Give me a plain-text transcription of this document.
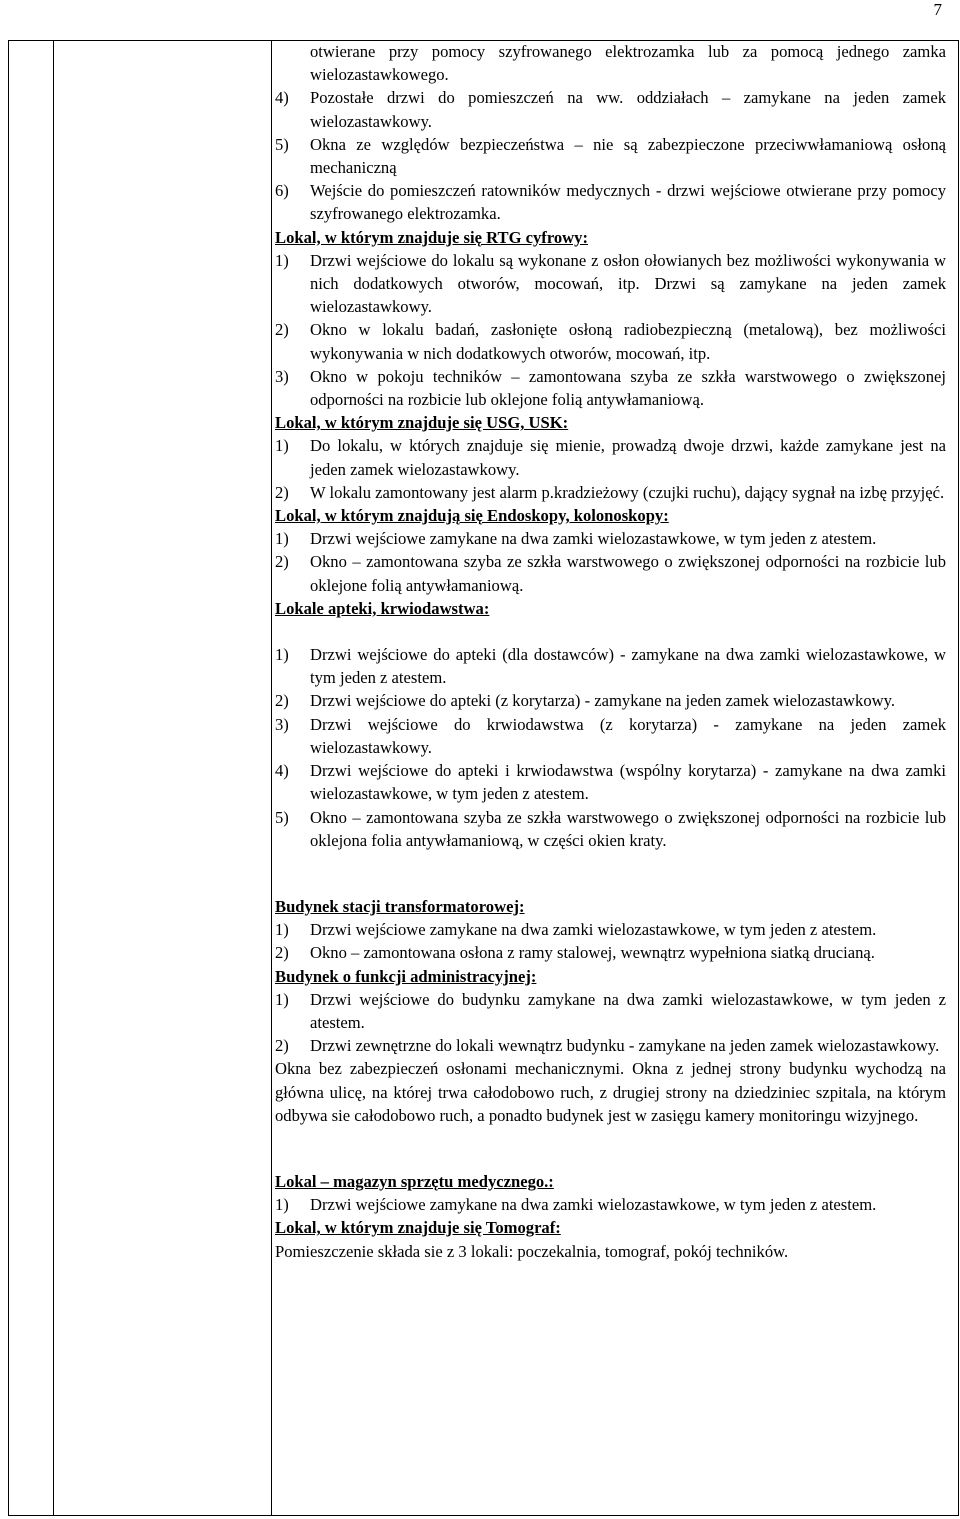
7

otwierane przy pomocy szyfrowanego elektrozamka lub za pomocą jednego zamka wielozastawkowego.

4)	Pozostałe drzwi do pomieszczeń na ww. oddziałach – zamykane na jeden zamek wielozastawkowy.
5)	Okna ze względów bezpieczeństwa – nie są zabezpieczone przeciwwłamaniową osłoną mechaniczną
6)	Wejście do pomieszczeń ratowników medycznych - drzwi wejściowe otwierane przy pomocy szyfrowanego elektrozamka.

Lokal, w którym znajduje się RTG cyfrowy:

1)	Drzwi wejściowe do lokalu są wykonane z osłon ołowianych bez możliwości wykonywania w nich dodatkowych otworów, mocowań, itp. Drzwi są zamykane na jeden zamek wielozastawkowy.
2)	Okno w lokalu badań, zasłonięte osłoną radiobezpieczną (metalową), bez możliwości wykonywania w nich dodatkowych otworów, mocowań, itp.
3)	Okno w pokoju techników – zamontowana szyba ze szkła warstwowego o zwiększonej odporności na rozbicie lub oklejone folią antywłamaniową.

Lokal, w którym znajduje się USG, USK:

1)	Do lokalu, w których znajduje się mienie, prowadzą dwoje drzwi, każde zamykane jest na jeden zamek wielozastawkowy.
2)	W lokalu zamontowany jest alarm p.kradzieżowy (czujki ruchu), dający sygnał na izbę przyjęć.

Lokal, w którym znajdują się Endoskopy, kolonoskopy:

1)	Drzwi wejściowe zamykane na dwa zamki wielozastawkowe, w tym jeden z atestem.
2)	Okno – zamontowana szyba ze szkła warstwowego o zwiększonej odporności na rozbicie lub oklejone folią antywłamaniową.

Lokale apteki, krwiodawstwa:

1)	Drzwi wejściowe do apteki (dla dostawców) - zamykane na dwa zamki wielozastawkowe, w tym jeden z atestem.
2)	Drzwi wejściowe do apteki (z korytarza) - zamykane na jeden zamek wielozastawkowy.
3)	Drzwi wejściowe do krwiodawstwa (z korytarza) - zamykane na jeden zamek wielozastawkowy.
4)	Drzwi wejściowe do apteki i krwiodawstwa (wspólny korytarza) - zamykane na dwa zamki wielozastawkowe, w tym jeden z atestem.
5)	Okno – zamontowana szyba ze szkła warstwowego o zwiększonej odporności na rozbicie lub oklejona folia antywłamaniową, w części okien kraty.

Budynek stacji transformatorowej:

1)	Drzwi wejściowe zamykane na dwa zamki wielozastawkowe, w tym jeden z atestem.
2)	Okno – zamontowana osłona z ramy stalowej, wewnątrz wypełniona siatką drucianą.

Budynek o funkcji administracyjnej:

1)	Drzwi wejściowe do budynku zamykane na dwa zamki wielozastawkowe, w tym jeden z atestem.
2)	Drzwi zewnętrzne do lokali wewnątrz budynku - zamykane na jeden zamek wielozastawkowy.

Okna bez zabezpieczeń osłonami mechanicznymi. Okna z jednej strony budynku wychodzą na główna ulicę, na której trwa całodobowo ruch, z drugiej strony na dziedziniec szpitala, na którym odbywa sie całodobowo ruch, a ponadto budynek jest w zasięgu kamery monitoringu wizyjnego.

Lokal – magazyn sprzętu medycznego.:

1)	Drzwi wejściowe zamykane na dwa zamki wielozastawkowe, w tym jeden z atestem.

Lokal, w którym znajduje się Tomograf:

Pomieszczenie składa sie z 3 lokali: poczekalnia, tomograf, pokój techników.
